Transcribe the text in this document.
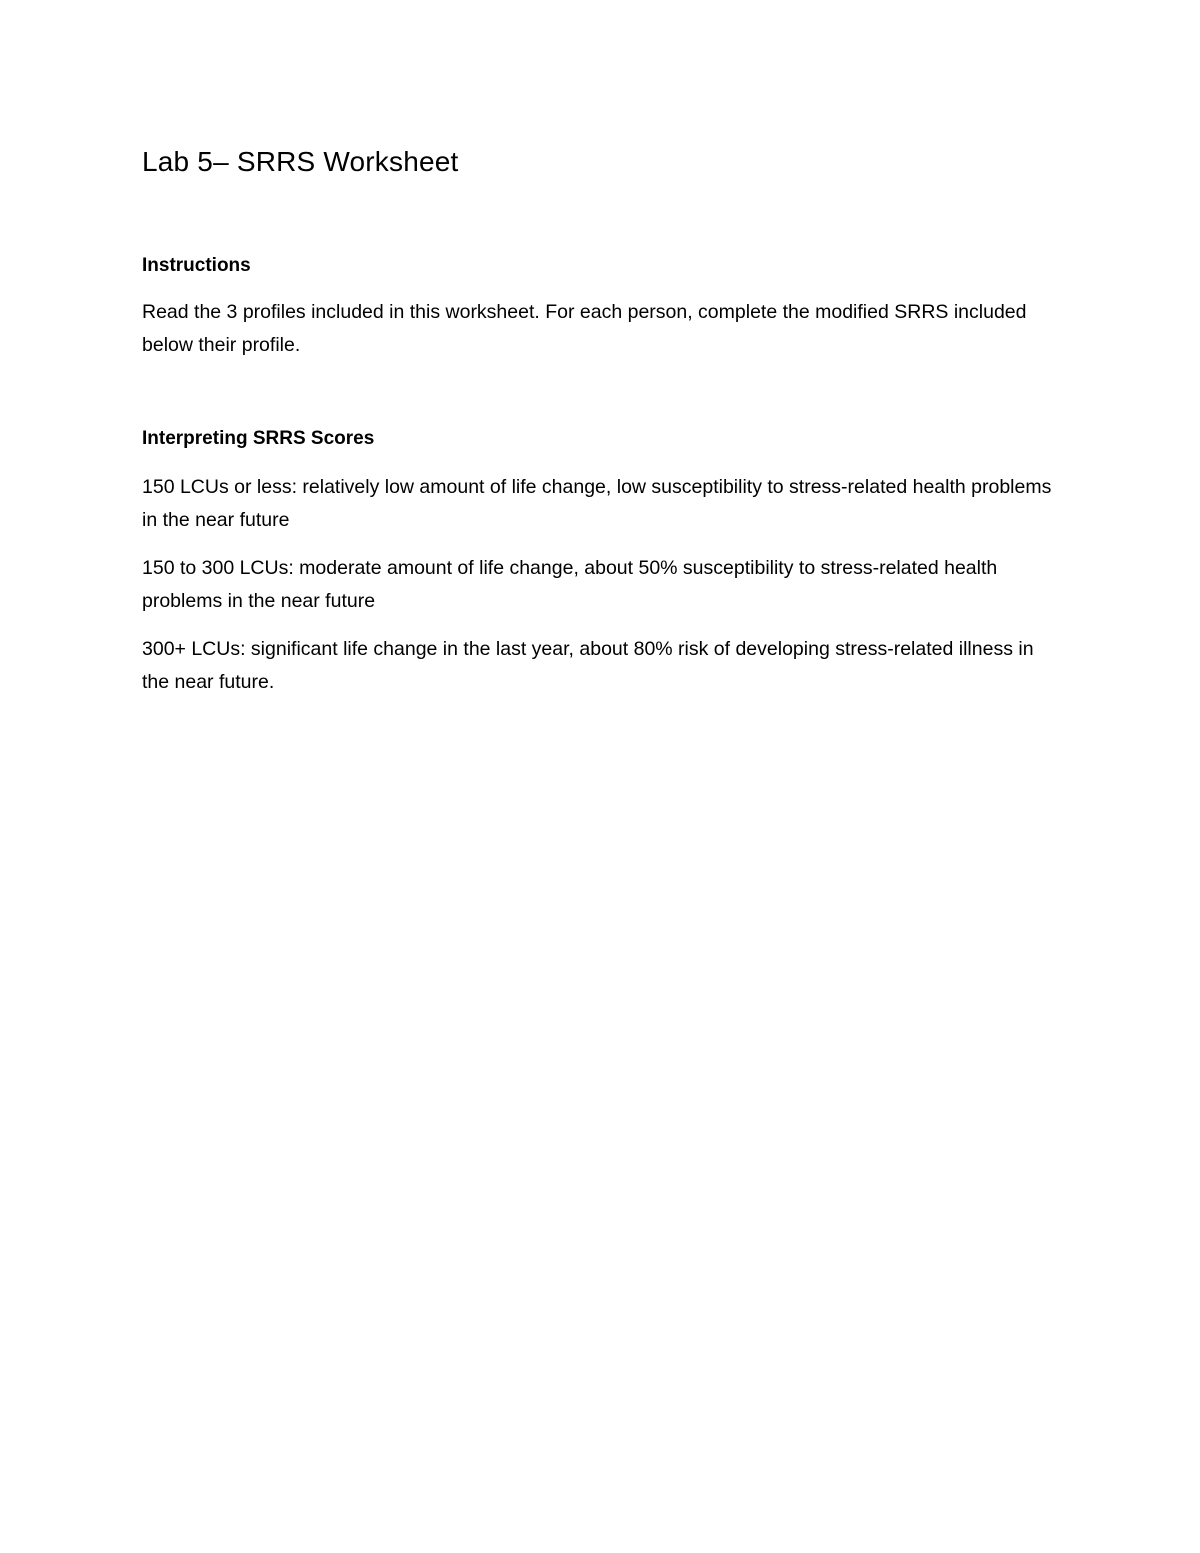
Lab 5– SRRS Worksheet
Instructions

Read the 3 profiles included in this worksheet. For each person, complete the modified SRRS included below their profile.

Interpreting SRRS Scores

150 LCUs or less: relatively low amount of life change, low susceptibility to stress-related health problems in the near future

150 to 300 LCUs: moderate amount of life change, about 50% susceptibility to stress-related health problems in the near future

300+ LCUs: significant life change in the last year, about 80% risk of developing stress-related illness in the near future.
